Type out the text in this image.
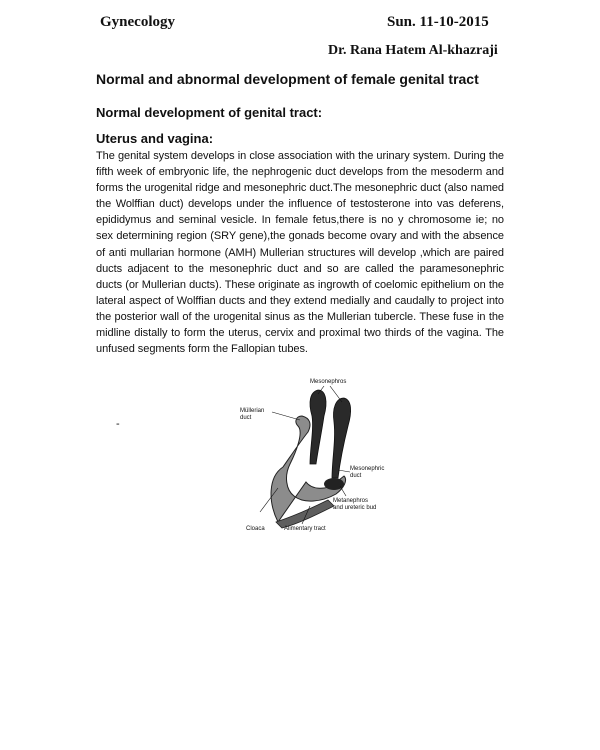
Gynecology	Sun. 11-10-2015
Dr. Rana Hatem Al-khazraji
Normal and abnormal development of female genital tract
Normal development of genital tract:
Uterus and vagina:
The genital system develops in close association with the urinary system. During the fifth week of embryonic life, the nephrogenic duct develops from the mesoderm and forms the urogenital ridge and mesonephric duct.The mesonephric duct (also named the Wolffian duct) develops under the influence of testosterone into vas deferens, epididymus and seminal vesicle. In female fetus,there is no y chromosome ie; no sex determining region (SRY gene),the gonads become ovary and with the absence of anti mullarian hormone (AMH) Mullerian structures will develop ,which are paired ducts adjacent to the mesonephric duct and so are called the paramesonephric ducts (or Mullerian ducts). These originate as ingrowth of coelomic epithelium on the lateral aspect of Wolffian ducts and they extend medially and caudally to project into the posterior wall of the urogenital sinus as the Mullerian tubercle. These fuse in the midline distally to form the uterus, cervix and proximal two thirds of the vagina. The unfused segments form the Fallopian tubes.
-
Mesonephros
Müllerian
duct
Mesonephric
duct
Metanephros
and ureteric bud
Cloaca	Alimentary tract
